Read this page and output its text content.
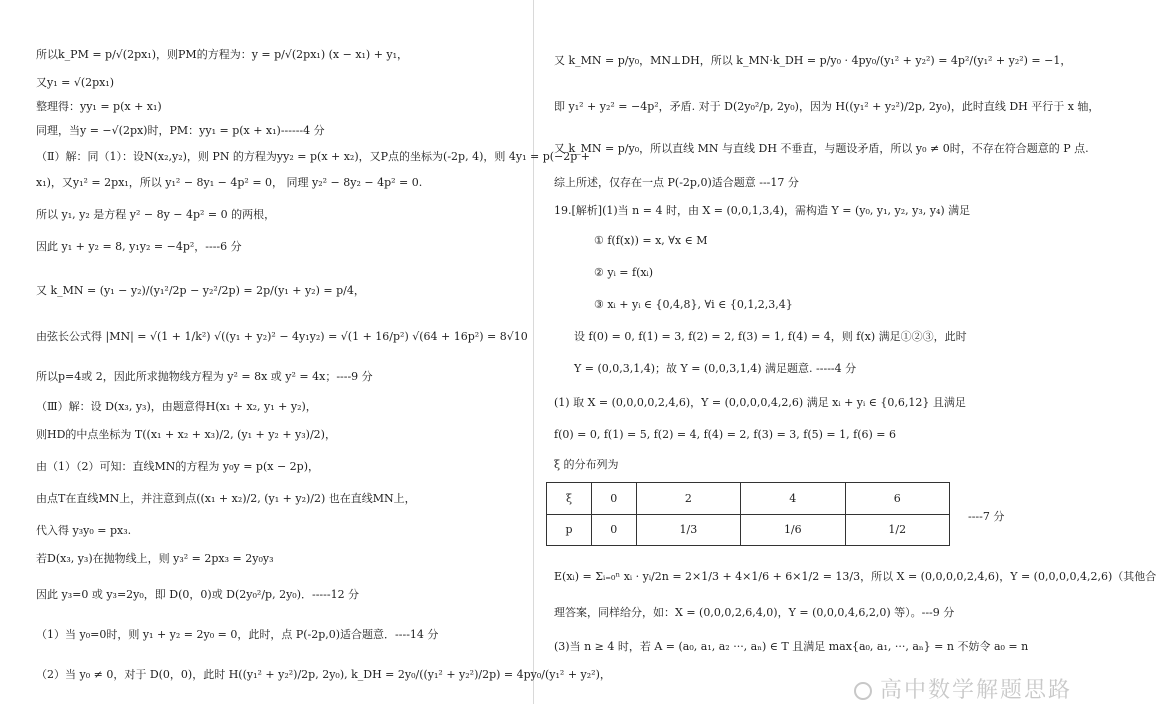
所以k_PM = p/√(2px₁)，则PM的方程为：y = p/√(2px₁) (x − x₁) + y₁，
又y₁ = √(2px₁)
整理得：yy₁ = p(x + x₁)
同理，当y = −√(2px)时，PM：yy₁ = p(x + x₁)------4 分
（Ⅱ）解：同（1）：设N(x₂,y₂)，则 PN 的方程为yy₂ = p(x + x₂)，又P点的坐标为(-2p, 4)，则 4y₁ = p(−2p +
x₁)，又y₁² = 2px₁，所以 y₁² − 8y₁ − 4p² = 0， 同理 y₂² − 8y₂ − 4p² = 0.
所以 y₁, y₂ 是方程 y² − 8y − 4p² = 0 的两根，
因此 y₁ + y₂ = 8, y₁y₂ = −4p²，----6 分
又 k_MN = (y₁ − y₂)/(y₁²/2p − y₂²/2p) = 2p/(y₁ + y₂) = p/4，
由弦长公式得 |MN| = √(1 + 1/k²) √((y₁ + y₂)² − 4y₁y₂) = √(1 + 16/p²) √(64 + 16p²) = 8√10
所以p=4或 2，因此所求抛物线方程为 y² = 8x 或 y² = 4x；----9 分
（Ⅲ）解：设 D(x₃, y₃)，由题意得H(x₁ + x₂, y₁ + y₂)，
则HD的中点坐标为 T((x₁ + x₂ + x₃)/2, (y₁ + y₂ + y₃)/2)，
由（1）（2）可知：直线MN的方程为 y₀y = p(x − 2p)，
由点T在直线MN上，并注意到点((x₁ + x₂)/2, (y₁ + y₂)/2) 也在直线MN上，
代入得 y₃y₀ = px₃.
若D(x₃, y₃)在抛物线上，则 y₃² = 2px₃ = 2y₀y₃
因此 y₃=0 或 y₃=2y₀，即 D(0，0)或 D(2y₀²/p, 2y₀)．-----12 分
（1）当 y₀=0时，则 y₁ + y₂ = 2y₀ = 0，此时，点 P(-2p,0)适合题意．----14 分
（2）当 y₀ ≠ 0，对于 D(0，0)，此时 H((y₁² + y₂²)/2p, 2y₀), k_DH = 2y₀/((y₁² + y₂²)/2p) = 4py₀/(y₁² + y₂²)，
又 k_MN = p/y₀，MN⊥DH，所以 k_MN·k_DH = p/y₀ · 4py₀/(y₁² + y₂²) = 4p²/(y₁² + y₂²) = −1，
即 y₁² + y₂² = −4p²，矛盾. 对于 D(2y₀²/p, 2y₀)，因为 H((y₁² + y₂²)/2p, 2y₀)，此时直线 DH 平行于 x 轴，
又 k_MN = p/y₀，所以直线 MN 与直线 DH 不垂直，与题设矛盾，所以 y₀ ≠ 0时，不存在符合题意的 P 点.
综上所述，仅存在一点 P(-2p,0)适合题意 ---17 分
19.[解析](1)当 n = 4 时，由 X = (0,0,1,3,4)，需构造 Y = (y₀, y₁, y₂, y₃, y₄) 满足
① f(f(x)) = x, ∀x ∈ M
② yᵢ = f(xᵢ)
③ xᵢ + yᵢ ∈ {0,4,8}, ∀i ∈ {0,1,2,3,4}
设 f(0) = 0, f(1) = 3, f(2) = 2, f(3) = 1, f(4) = 4，则 f(x) 满足①②③，此时
Y = (0,0,3,1,4)；故 Y = (0,0,3,1,4) 满足题意. -----4 分
(1) 取 X = (0,0,0,0,2,4,6)，Y = (0,0,0,0,4,2,6) 满足 xᵢ + yᵢ ∈ {0,6,12} 且满足
f(0) = 0, f(1) = 5, f(2) = 4, f(4) = 2, f(3) = 3, f(5) = 1, f(6) = 6
ξ 的分布列为
ξ	0	2	4	6
p	0	1/3	1/6	1/2
----7 分
E(xᵢ) = Σᵢ₌₀ⁿ xᵢ · yᵢ/2n = 2×1/3 + 4×1/6 + 6×1/2 = 13/3，所以 X = (0,0,0,0,2,4,6)，Y = (0,0,0,0,4,2,6)（其他合
理答案，同样给分，如：X = (0,0,0,2,6,4,0)，Y = (0,0,0,4,6,2,0) 等）。---9 分
(3)当 n ≥ 4 时，若 A = (a₀, a₁, a₂ ···, aₙ) ∈ T 且满足 max{a₀, a₁, ···, aₙ} = n 不妨令 a₀ = n
高中数学解题思路
